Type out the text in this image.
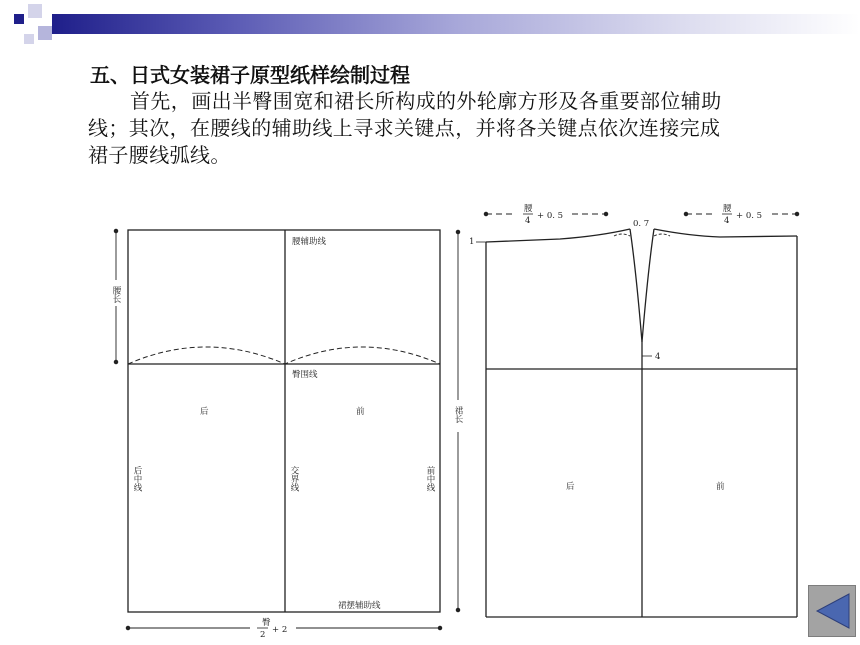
五、日式女装裙子原型纸样绘制过程
首先，画出半臀围宽和裙长所构成的外轮廓方形及各重要部位辅助
线；其次，在腰线的辅助线上寻求关键点，并将各关键点依次连接完成
裙子腰线弧线。
腰辅助线
臀围线
后	前
裙摆辅助线
臀
2 + 2
腰长
后中线	交界线	前中线
裙长
腰
4 + 0. 5
腰
4 + 0. 5
0. 7
1
4
后	前
